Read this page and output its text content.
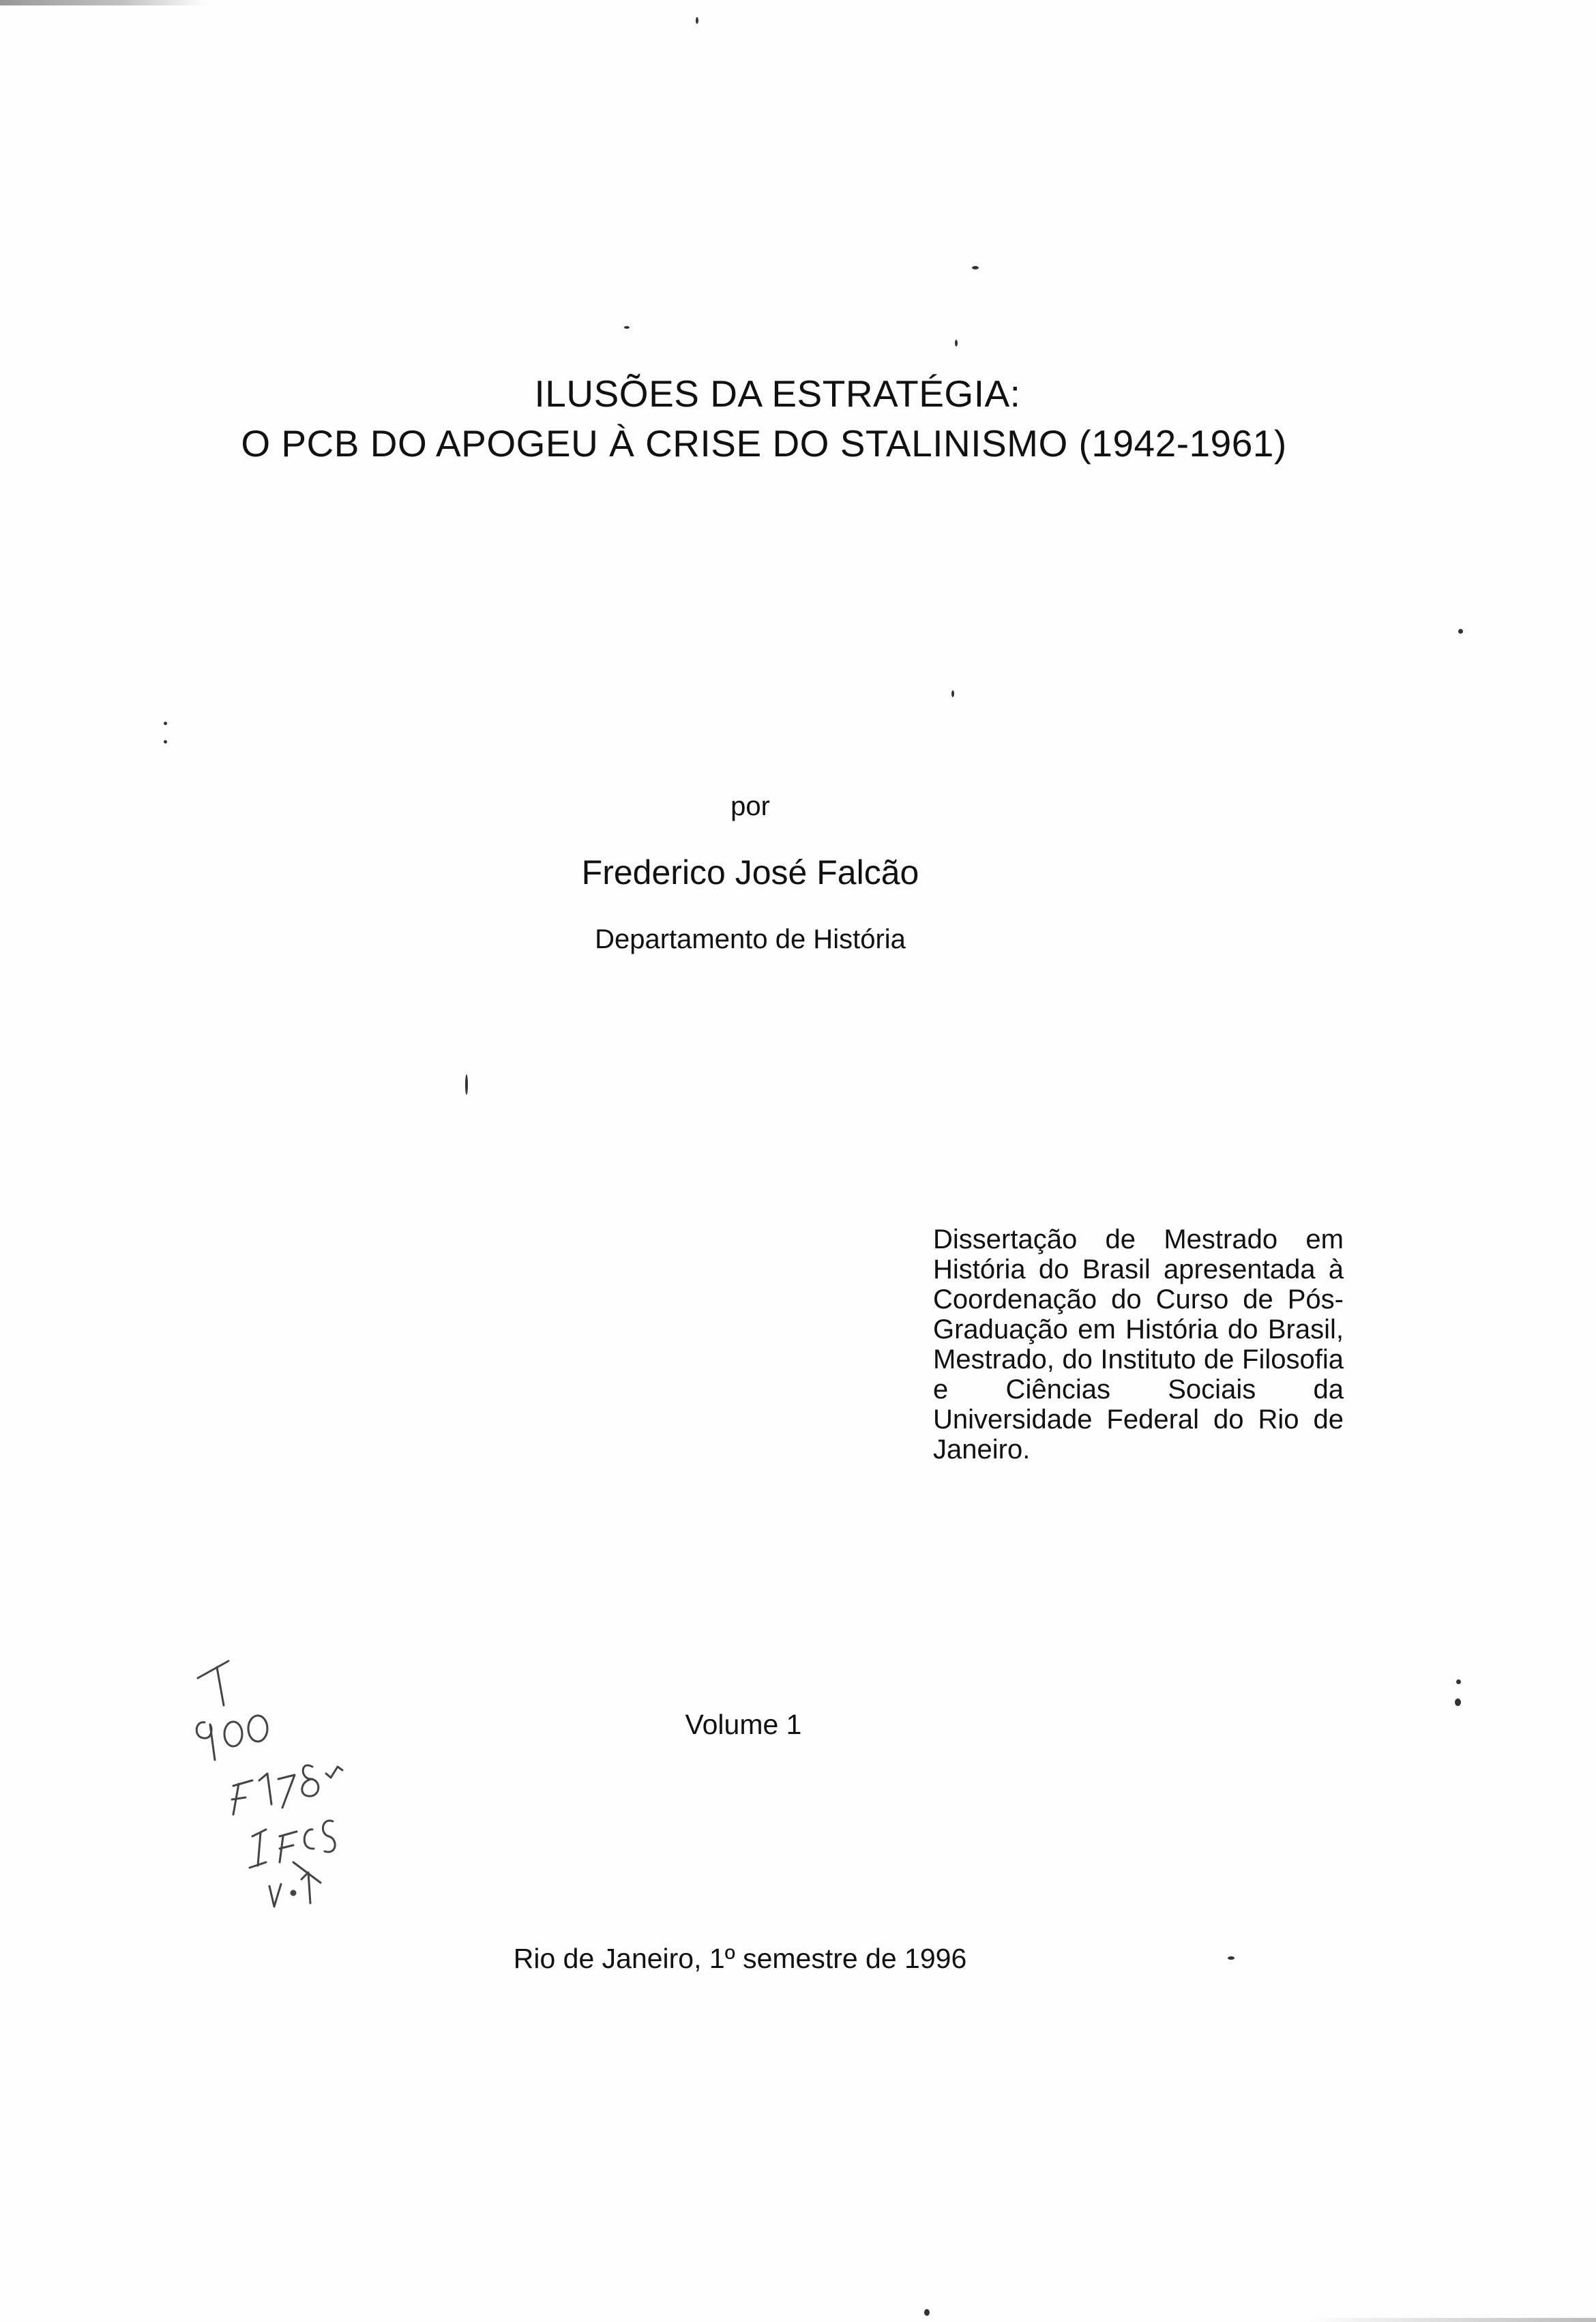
ILUSÕES DA ESTRATÉGIA:
O PCB DO APOGEU À CRISE DO STALINISMO (1942-1961)
por
Frederico José Falcão
Departamento de História
Dissertação de Mestrado em História do Brasil apresentada à Coordenação do Curso de Pós-Graduação em História do Brasil, Mestrado, do Instituto de Filosofia e Ciências Sociais da Universidade Federal do Rio de Janeiro.
Volume 1
Rio de Janeiro, 1º semestre de 1996
